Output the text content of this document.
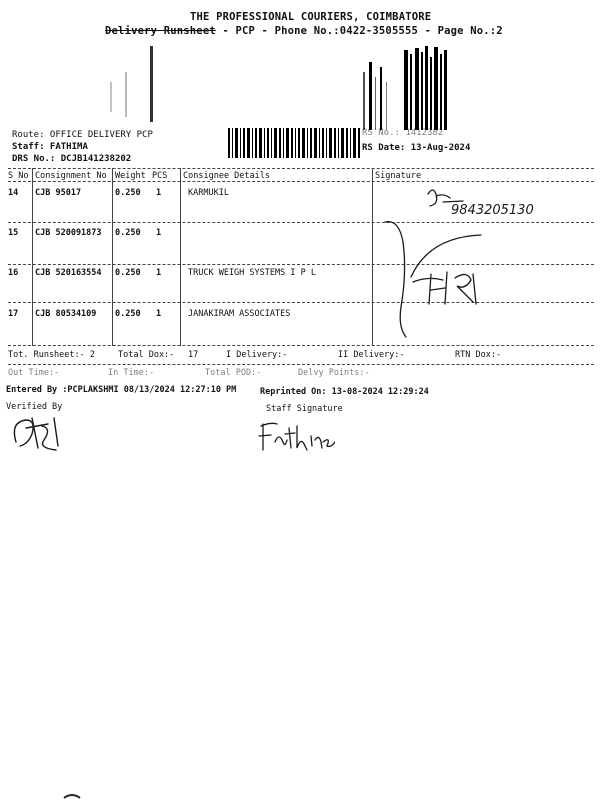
THE PROFESSIONAL COURIERS, COIMBATORE
Delivery Runsheet - PCP - Phone No.:0422-3505555 - Page No.:2
Route: OFFICE DELIVERY PCP
Staff: FATHIMA
DRS No.: DCJB141238202
RS No.: 1412382
RS Date: 13-Aug-2024
S No Consignment No Weight PCS Consignee Details	Signature
14 CJB 95017	0.250 1	KARMUKIL
15 CJB 520091873 0.250 1
16 CJB 520163554 0.250 1	TRUCK WEIGH SYSTEMS I P L
17 CJB 80534109 0.250 1	JANAKIRAM ASSOCIATES
9843205130
Tot. Runsheet:- 2	Total Dox:- 17	I Delivery:-	II Delivery:-	RTN Dox:-
Out Time:-	In Time:-	Total POD:-	Delvy Points:-
Entered By :PCPLAKSHMI 08/13/2024 12:27:10 PM	Reprinted On: 13-08-2024 12:29:24
Verified By	Staff Signature
